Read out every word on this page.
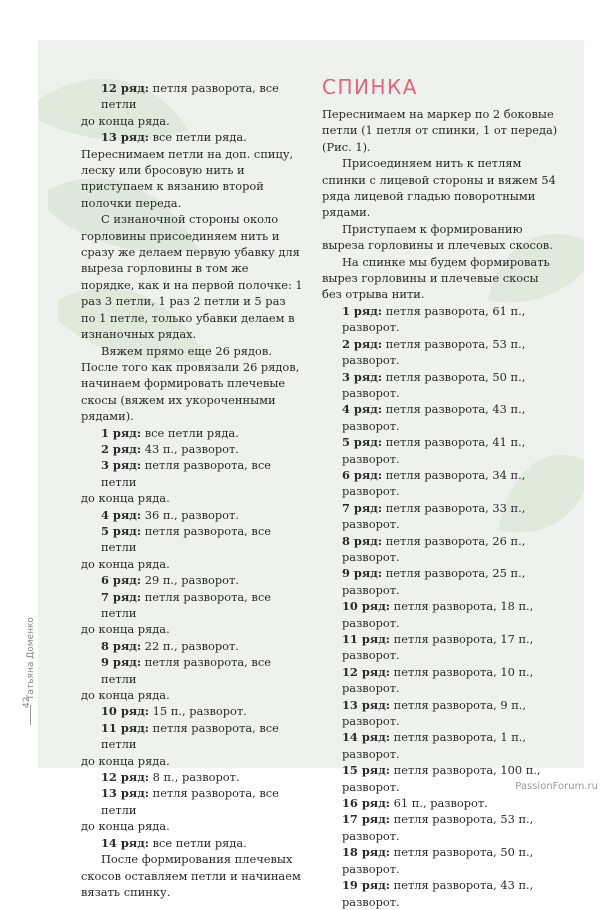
12 ряд: петля разворота, все петли

до конца ряда.

13 ряд: все петли ряда.

Переснимаем петли на доп. спицу, леску или бросовую нить и приступаем к вязанию второй полочки переда.

С изнаночной стороны около горловины присоединяем нить и сразу же делаем первую убавку для выреза горловины в том же порядке, как и на первой полочке: 1 раз 3 петли, 1 раз 2 петли и 5 раз по 1 петле, только убавки делаем в изнаночных рядах.

Вяжем прямо еще 26 рядов.

После того как провязали 26 рядов, начинаем формировать плечевые скосы (вяжем их укороченными рядами).

1 ряд: все петли ряда.

2 ряд: 43 п., разворот.

3 ряд: петля разворота, все петли

до конца ряда.

4 ряд: 36 п., разворот.

5 ряд: петля разворота, все петли

до конца ряда.

6 ряд: 29 п., разворот.

7 ряд: петля разворота, все петли

до конца ряда.

8 ряд: 22 п., разворот.

9 ряд: петля разворота, все петли

до конца ряда.

10 ряд: 15 п., разворот.

11 ряд: петля разворота, все петли

до конца ряда.

12 ряд: 8 п., разворот.

13 ряд: петля разворота, все петли

до конца ряда.

14 ряд: все петли ряда.

После формирования плечевых скосов оставляем петли и начинаем вязать спинку.

СПИНКА

Переснимаем на маркер по 2 боковые петли (1 петля от спинки, 1 от переда) (Рис. 1).

Присоединяем нить к петлям спинки с лицевой стороны и вяжем 54 ряда лицевой гладью поворотными рядами.

Приступаем к формированию выреза горловины и плечевых скосов.

На спинке мы будем формировать вырез горловины и плечевые скосы

без отрыва нити.

1 ряд: петля разворота, 61 п., разворот.

2 ряд: петля разворота, 53 п., разворот.

3 ряд: петля разворота, 50 п., разворот.

4 ряд: петля разворота, 43 п., разворот.

5 ряд: петля разворота, 41 п., разворот.

6 ряд: петля разворота, 34 п., разворот.

7 ряд: петля разворота, 33 п., разворот.

8 ряд: петля разворота, 26 п., разворот.

9 ряд: петля разворота, 25 п., разворот.

10 ряд: петля разворота, 18 п., разворот.

11 ряд: петля разворота, 17 п., разворот.

12 ряд: петля разворота, 10 п., разворот.

13 ряд: петля разворота, 9 п., разворот.

14 ряд: петля разворота, 1 п., разворот.

15 ряд: петля разворота, 100 п., разворот.

16 ряд: 61 п., разворот.

17 ряд: петля разворота, 53 п., разворот.

18 ряд: петля разворота, 50 п., разворот.

19 ряд: петля разворота, 43 п., разворот.

Татьяна Доменко
42
PassionForum.ru
